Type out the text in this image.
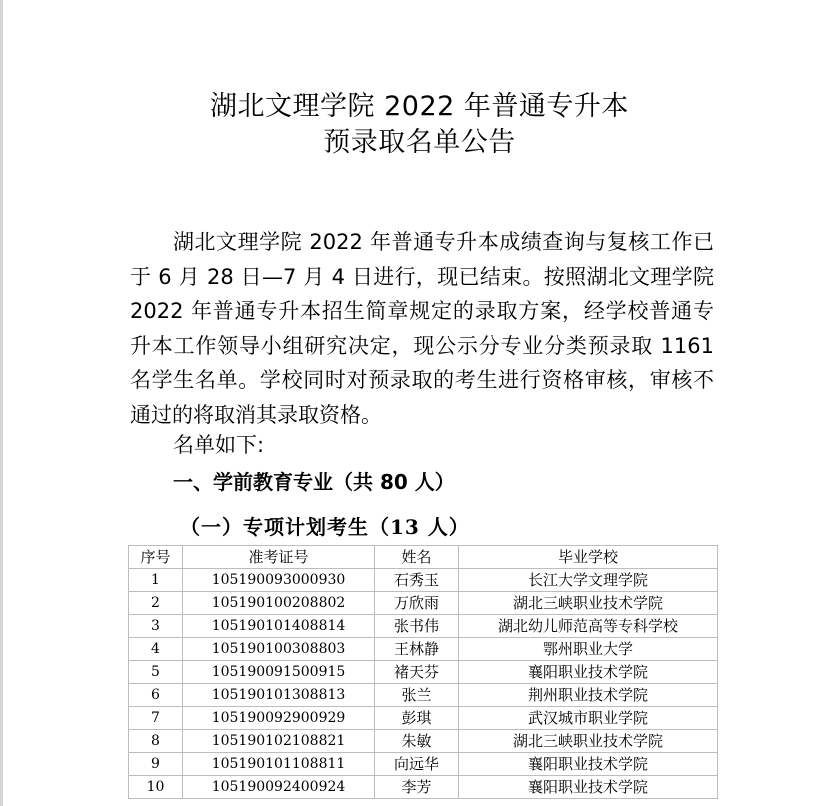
湖北文理学院 2022 年普通专升本
预录取名单公告
湖北文理学院 2022 年普通专升本成绩查询与复核工作已于 6 月 28 日—7 月 4 日进行，现已结束。按照湖北文理学院 2022 年普通专升本招生简章规定的录取方案，经学校普通专升本工作领导小组研究决定，现公示分专业分类预录取 1161 名学生名单。学校同时对预录取的考生进行资格审核，审核不通过的将取消其录取资格。
名单如下:
一、学前教育专业（共 80 人）
（一）专项计划考生（13 人）
序号	准考证号	姓名	毕业学校
1	105190093000930	石秀玉	长江大学文理学院
2	105190100208802	万欣雨	湖北三峡职业技术学院
3	105190101408814	张书伟	湖北幼儿师范高等专科学校
4	105190100308803	王林静	鄂州职业大学
5	105190091500915	褚天芬	襄阳职业技术学院
6	105190101308813	张兰	荆州职业技术学院
7	105190092900929	彭琪	武汉城市职业学院
8	105190102108821	朱敏	湖北三峡职业技术学院
9	105190101108811	向远华	襄阳职业技术学院
10	105190092400924	李芳	襄阳职业技术学院
